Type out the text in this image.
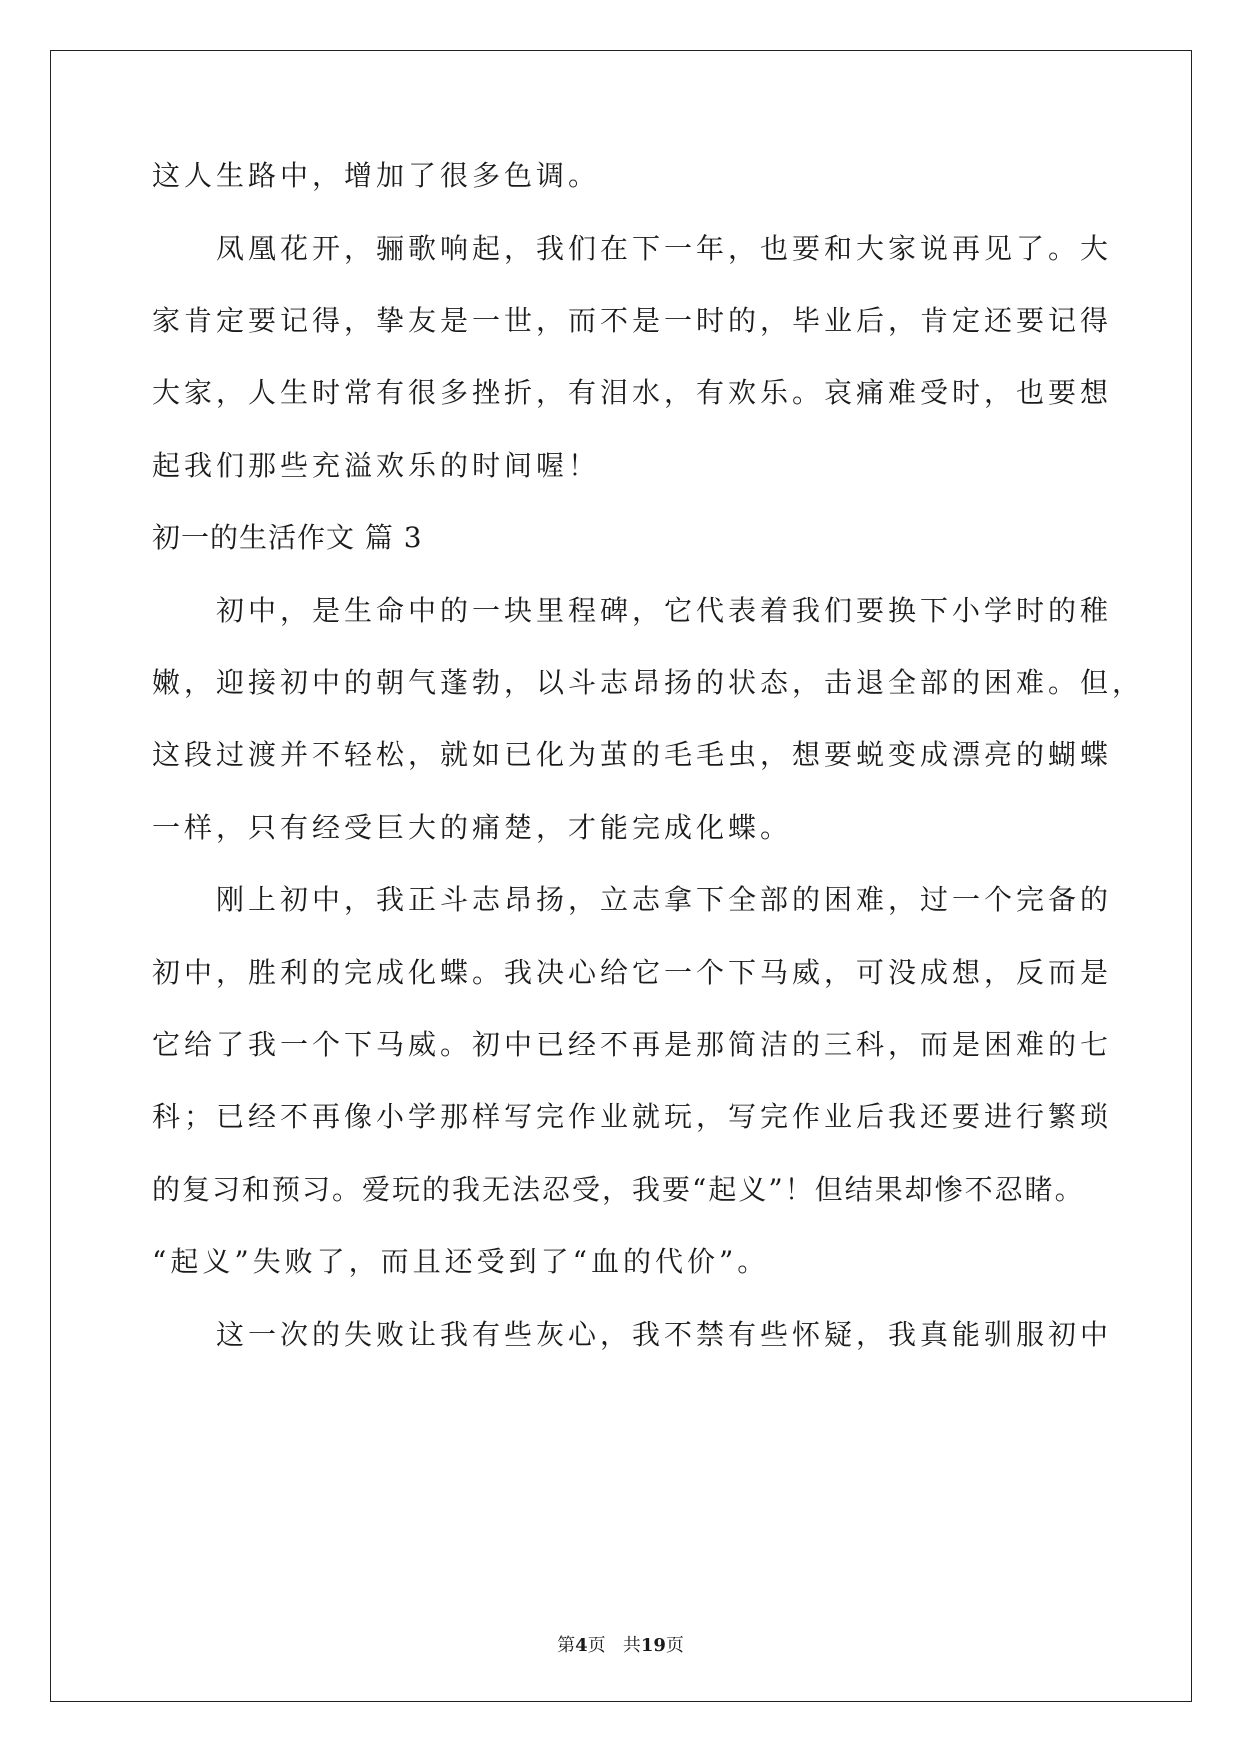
这人生路中，增加了很多色调。
凤凰花开，骊歌响起，我们在下一年，也要和大家说再见了。大
家肯定要记得，挚友是一世，而不是一时的，毕业后，肯定还要记得
大家，人生时常有很多挫折，有泪水，有欢乐。哀痛难受时，也要想
起我们那些充溢欢乐的时间喔！
初一的生活作文 篇 3
初中，是生命中的一块里程碑，它代表着我们要换下小学时的稚
嫩，迎接初中的朝气蓬勃，以斗志昂扬的状态，击退全部的困难。但，
这段过渡并不轻松，就如已化为茧的毛毛虫，想要蜕变成漂亮的蝴蝶
一样，只有经受巨大的痛楚，才能完成化蝶。
刚上初中，我正斗志昂扬，立志拿下全部的困难，过一个完备的
初中，胜利的完成化蝶。我决心给它一个下马威，可没成想，反而是
它给了我一个下马威。初中已经不再是那简洁的三科，而是困难的七
科；已经不再像小学那样写完作业就玩，写完作业后我还要进行繁琐
的复习和预习。爱玩的我无法忍受，我要“起义”！但结果却惨不忍睹。
“起义”失败了，而且还受到了“血的代价”。
这一次的失败让我有些灰心，我不禁有些怀疑，我真能驯服初中
第4页 共19页
